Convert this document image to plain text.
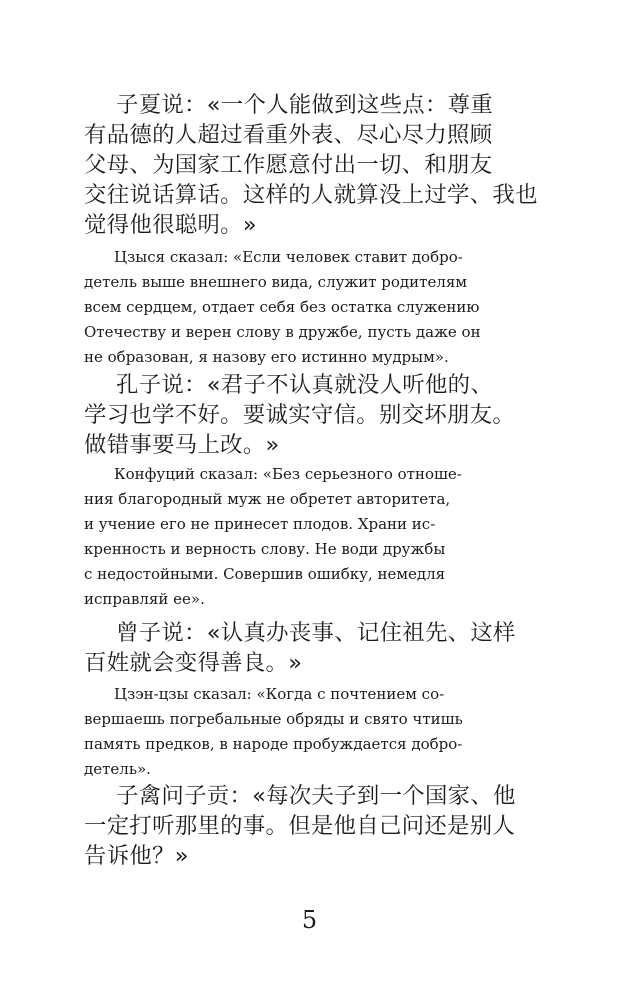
子夏说：«一个人能做到这些点：尊重
有品德的人超过看重外表、尽心尽力照顾
父母、为国家工作愿意付出一切、和朋友
交往说话算话。这样的人就算没上过学、我也
觉得他很聪明。»
Цзыся сказал: «Если человек ставит добро-
детель выше внешнего вида, служит родителям
всем сердцем, отдает себя без остатка служению
Отечеству и верен слову в дружбе, пусть даже он
не образован, я назову его истинно мудрым».
孔子说：«君子不认真就没人听他的、
学习也学不好。要诚实守信。别交坏朋友。
做错事要马上改。»
Конфуций сказал: «Без серьезного отноше-
ния благородный муж не обретет авторитета,
и учение его не принесет плодов. Храни ис-
кренность и верность слову. Не води дружбы
с недостойными. Совершив ошибку, немедля
исправляй ее».
曾子说：«认真办丧事、记住祖先、这样
百姓就会变得善良。»
Цзэн-цзы сказал: «Когда с почтением со-
вершаешь погребальные обряды и свято чтишь
память предков, в народе пробуждается добро-
детель».
子禽问子贡：«每次夫子到一个国家、他
一定打听那里的事。但是他自己问还是别人
告诉他？»
5
